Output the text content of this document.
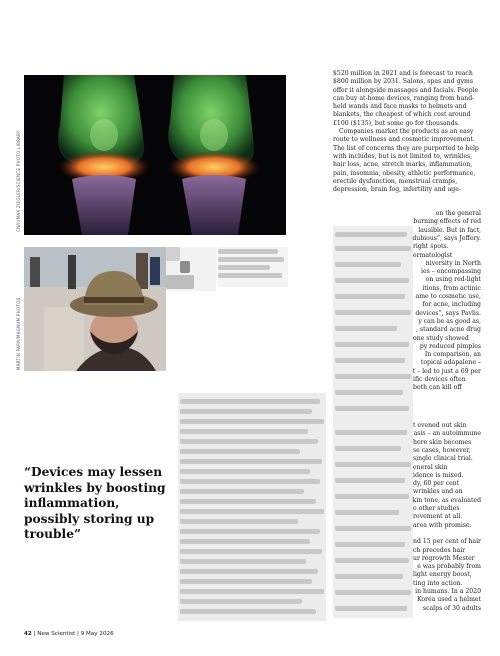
CNRI/MAX ZIEGLER/SCIENCE PHOTO LIBRARY
MARTIN PARR/MAGNUM PHOTOS

$520 million in 2021 and is forecast to reach $800 million by 2031. Salons, spas and gyms offer it alongside massages and facials. People can buy at-home devices, ranging from hand-held wands and face masks to helmets and blankets, the cheapest of which cost around £100 ($135), but some go for thousands.

Companies market the products as an easy route to wellness and cosmetic improvement. The list of concerns they are purported to help with includes, but is not limited to, wrinkles, hair loss, acne, stretch marks, inflammation, pain, insomnia, obesity, athletic performance, erectile dysfunction, menstrual cramps,

depression, brain fog, infertility and age-

en the general
burning effects of red
lausible. But in fact,
dubious”, says Jeffery.
right spots.
ermatologist
niversity in North
ies – encompassing
on using red-light
itions, from actinic
ame to cosmetic use,
for acne, including
devices”, says Pavlis.
y can be as good as,
, standard acne drug
one study showed
py reduced pimples
In comparison, an
topical adapalene –
t – led to just a 69 per
ific devices often
both can kill off
t evened out skin
asis – an autoimmune
here skin becomes
se cases, however,
single clinical trial.
eneral skin
idence is mixed.
dy, 60 per cent
wrinkles and an
kin tone, as evaluated
o other studies
rovement at all.
area with promise.
nd 15 per cent of hair
ch precedes hair
ur regrowth Mester
e was probably from
light energy boost,
ting into action.
in humans. In a 2020
Korea used a helmet
scalps of 30 adults
“Devices may lessen wrinkles by boosting inflammation, possibly storing up trouble”
42 | New Scientist | 9 May 2026
